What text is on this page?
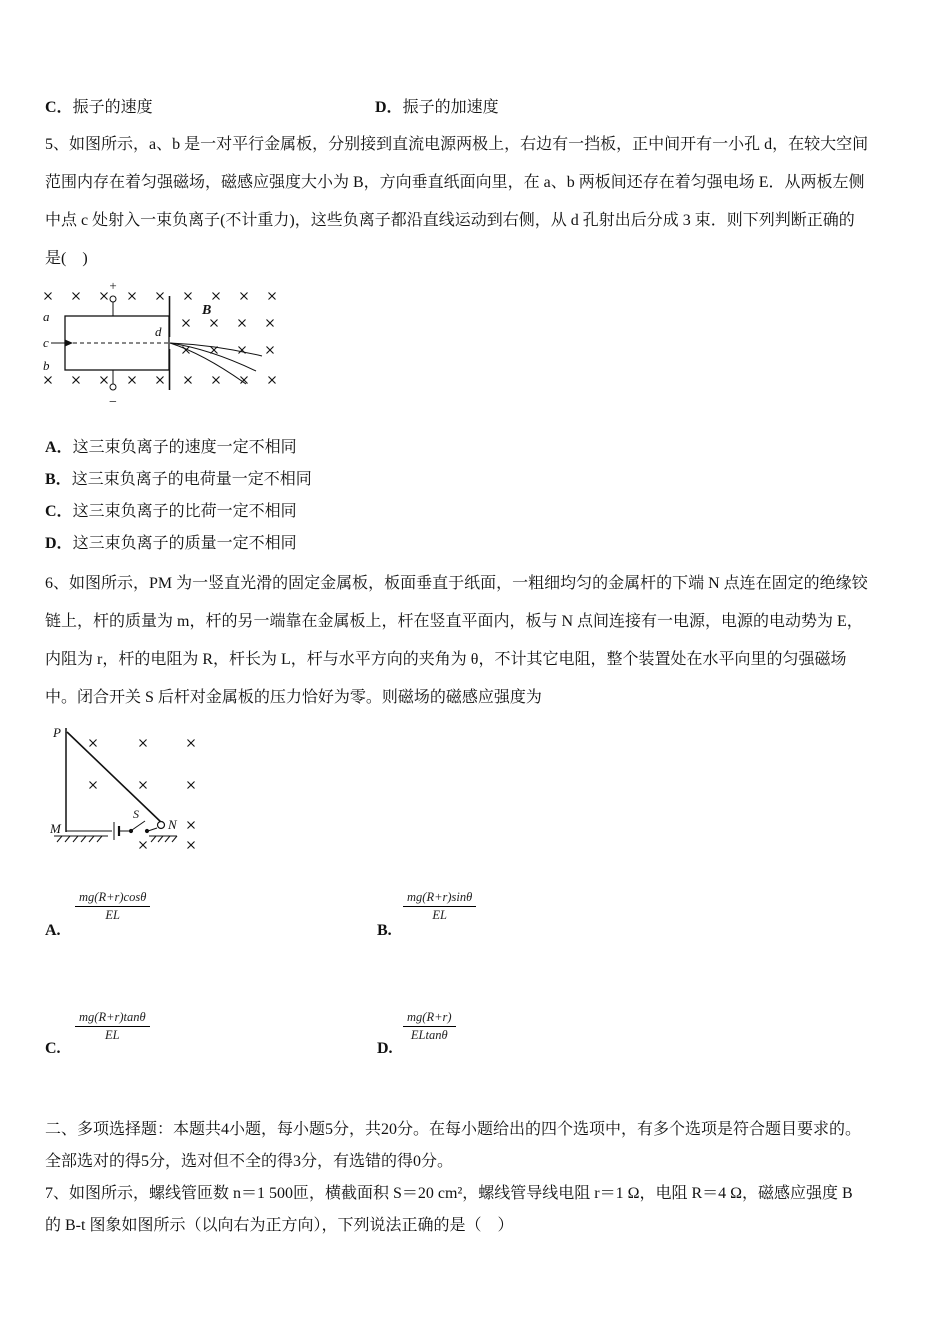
C．振子的速度	D．振子的加速度
5、如图所示，a、b 是一对平行金属板，分别接到直流电源两极上，右边有一挡板，正中间开有一小孔 d，在较大空间
范围内存在着匀强磁场，磁感应强度大小为 B，方向垂直纸面向里，在 a、b 两板间还存在着匀强电场 E．从两板左侧
中点 c 处射入一束负离子(不计重力)，这些负离子都沿直线运动到右侧，从 d 孔射出后分成 3 束．则下列判断正确的
是(　)
+
−
a
c
b
d
B
A．这三束负离子的速度一定不相同
B．这三束负离子的电荷量一定不相同
C．这三束负离子的比荷一定不相同
D．这三束负离子的质量一定不相同
6、如图所示，PM 为一竖直光滑的固定金属板，板面垂直于纸面，一粗细均匀的金属杆的下端 N 点连在固定的绝缘铰
链上，杆的质量为 m，杆的另一端靠在金属板上，杆在竖直平面内，板与 N 点间连接有一电源，电源的电动势为 E，
内阻为 r，杆的电阻为 R，杆长为 L，杆与水平方向的夹角为 θ，不计其它电阻，整个装置处在水平向里的匀强磁场
中。闭合开关 S 后杆对金属板的压力恰好为零。则磁场的磁感应强度为
P
M
S
N
$\frac{mg(R+r)\cos\theta}{EL}$
A.
$\frac{mg(R+r)\sin\theta}{EL}$
B.
$\frac{mg(R+r)\tan\theta}{EL}$
C.
$\frac{mg(R+r)}{ELtan\theta}$
D.
二、多项选择题：本题共4小题，每小题5分，共20分。在每小题给出的四个选项中，有多个选项是符合题目要求的。
全部选对的得5分，选对但不全的得3分，有选错的得0分。
7、如图所示，螺线管匝数 n＝1 500匝，横截面积 S＝20 cm²，螺线管导线电阻 r＝1 Ω，电阻 R＝4 Ω，磁感应强度 B
的 B-t 图象如图所示（以向右为正方向），下列说法正确的是（　）
